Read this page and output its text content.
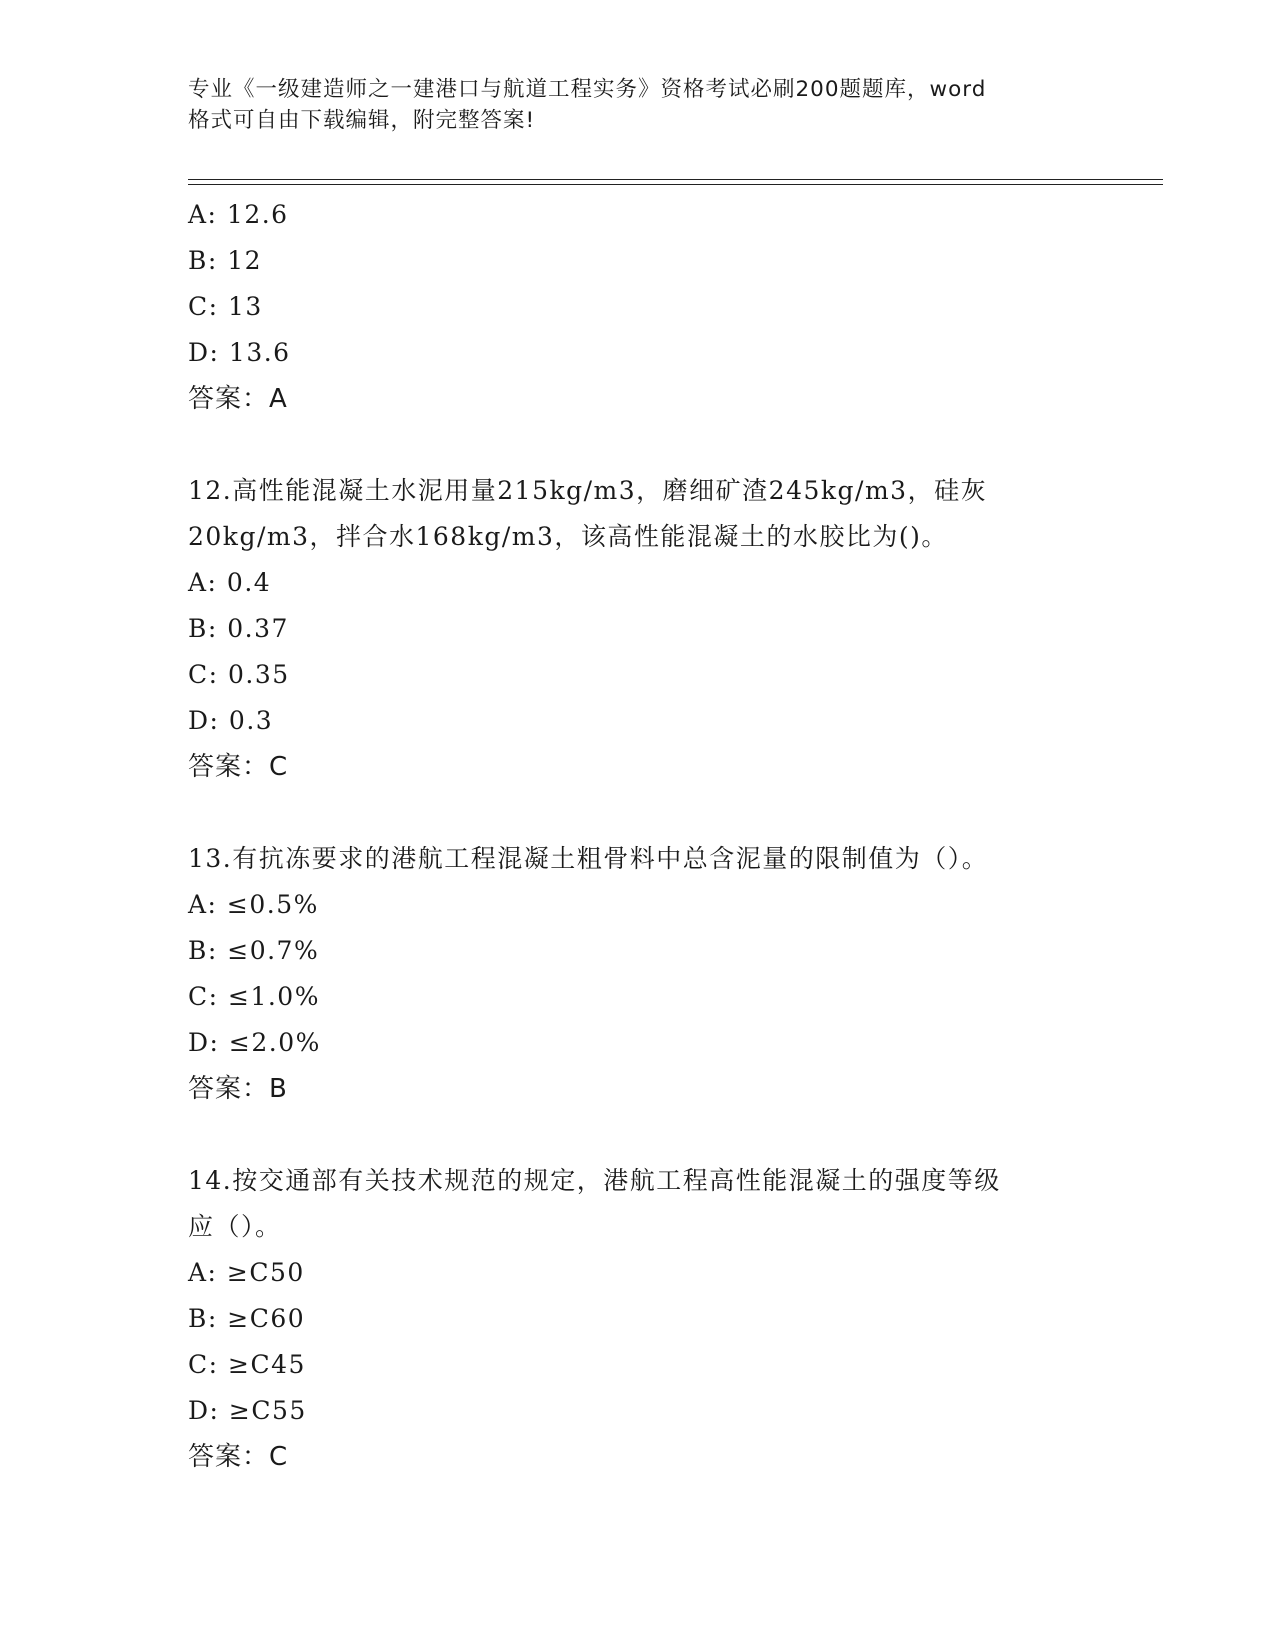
专业《一级建造师之一建港口与航道工程实务》资格考试必刷200题题库，word
格式可自由下载编辑，附完整答案!
A: 12.6
B: 12
C: 13
D: 13.6
答案：A
12.高性能混凝土水泥用量215kg/m3，磨细矿渣245kg/m3，硅灰
20kg/m3，拌合水168kg/m3，该高性能混凝土的水胶比为()。
A: 0.4
B: 0.37
C: 0.35
D: 0.3
答案：C
13.有抗冻要求的港航工程混凝土粗骨料中总含泥量的限制值为（）。
A: ≤0.5%
B: ≤0.7%
C: ≤1.0%
D: ≤2.0%
答案：B
14.按交通部有关技术规范的规定，港航工程高性能混凝土的强度等级
应（）。
A: ≥C50
B: ≥C60
C: ≥C45
D: ≥C55
答案：C
